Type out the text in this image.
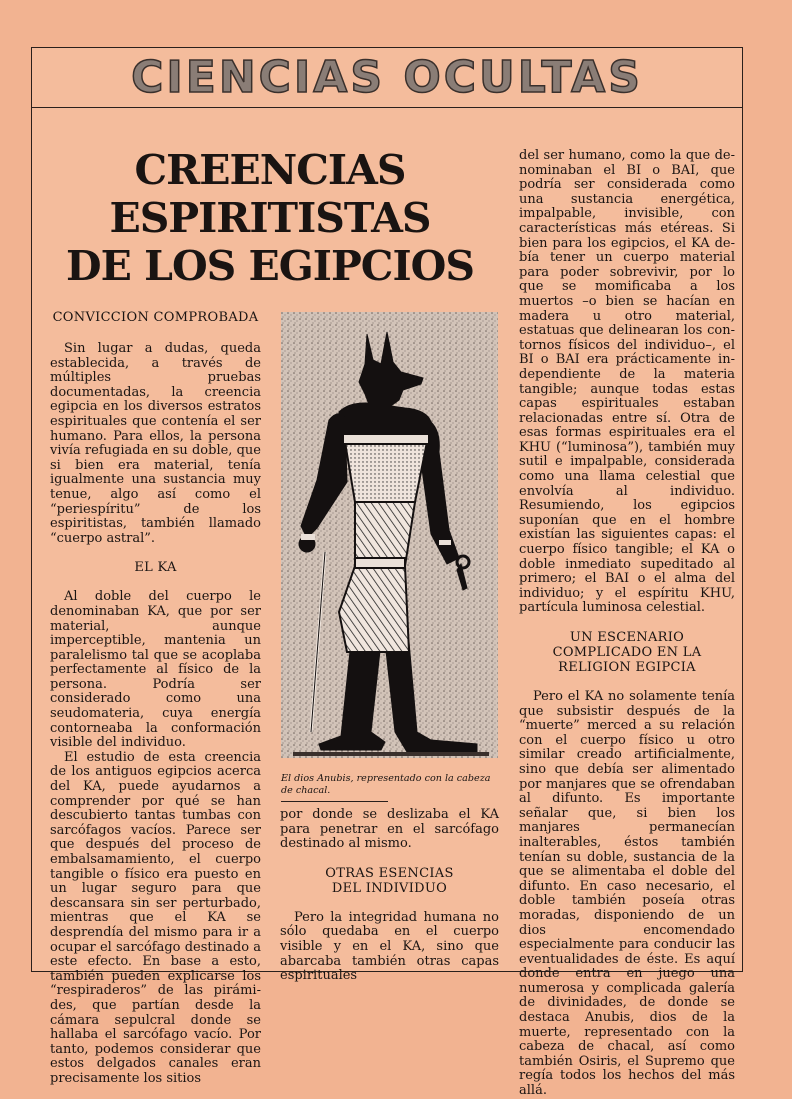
CIENCIAS OCULTAS
CREENCIAS
ESPIRITISTAS
DE LOS EGIPCIOS
CONVICCION COMPROBADA

Sin lugar a dudas, queda establecida, a través de múltiples pruebas documentadas, la creencia egipcia en los diversos estratos espirituales que contenía el ser humano. Para ellos, la persona vivía refugiada en su doble, que si bien era material, tenía igualmente una sustancia muy tenue, algo así como el “periespíritu” de los espiritistas, también llamado “cuerpo astral”.

EL KA

Al doble del cuerpo le denominaban KA, que por ser material, aunque imperceptible, mantenia un paralelismo tal que se acoplaba perfectamente al físico de la persona. Podría ser considerado como una seudomateria, cuya energía contorneaba la conformación visible del individuo.

El estudio de esta creencia de los antiguos egipcios acerca del KA, puede ayudarnos a comprender por qué se han descubierto tantas tumbas con sarcófagos vacíos. Parece ser que después del proceso de embalsamamiento, el cuerpo tangible o físico era puesto en un lugar seguro para que descansara sin ser perturbado, mientras que el KA se desprendía del mismo para ir a ocupar el sarcófago destinado a este efecto. En base a esto, también pueden explicarse los “respiraderos” de las pirámides, que partían desde la cámara sepulcral donde se hallaba el sarcófago vacío. Por tanto, podemos considerar que estos delgados canales eran precisamente los sitios

El dios Anubis, representado con la cabeza de chacal.

por donde se deslizaba el KA para penetrar en el sarcófago destinado al mismo.

OTRAS ESENCIAS DEL INDIVIDUO

Pero la integridad humana no sólo quedaba en el cuerpo visible y en el KA, sino que abarcaba también otras capas espirituales

del ser humano, como la que denominaban el BI o BAI, que podría ser considerada como una sustancia energética, impalpable, invisible, con características más etéreas. Si bien para los egipcios, el KA debía tener un cuerpo material para poder sobrevivir, por lo que se momificaba a los muertos –o bien se hacían en madera u otro material, estatuas que delinearan los contornos físicos del individuo–, el BI o BAI era prácticamente independiente de la materia tangible; aunque todas estas capas espirituales estaban relacionadas entre sí. Otra de esas formas espirituales era el KHU (“luminosa”), también muy sutil e impalpable, considerada como una llama celestial que envolvía al individuo. Resumiendo, los egipcios suponían que en el hombre existían las siguientes capas: el cuerpo físico tangible; el KA o doble inmediato supeditado al primero; el BAI o el alma del individuo; y el espíritu KHU, partícula luminosa celestial.

UN ESCENARIO COMPLICADO EN LA RELIGION EGIPCIA

Pero el KA no solamente tenía que subsistir después de la “muerte” merced a su relación con el cuerpo físico u otro similar creado artificialmente, sino que debía ser alimentado por manjares que se ofrendaban al difunto. Es importante señalar que, si bien los manjares permanecían inalterables, éstos también tenían su doble, sustancia de la que se alimentaba el doble del difunto. En caso necesario, el doble también poseía otras moradas, disponiendo de un dios encomendado especialmente para conducir las eventualidades de éste. Es aquí donde entra en juego una numerosa y complicada galería de divinidades, de donde se destaca Anubis, dios de la muerte, representado con la cabeza de chacal, así como también Osiris, el Supremo que regía todos los hechos del más allá.
